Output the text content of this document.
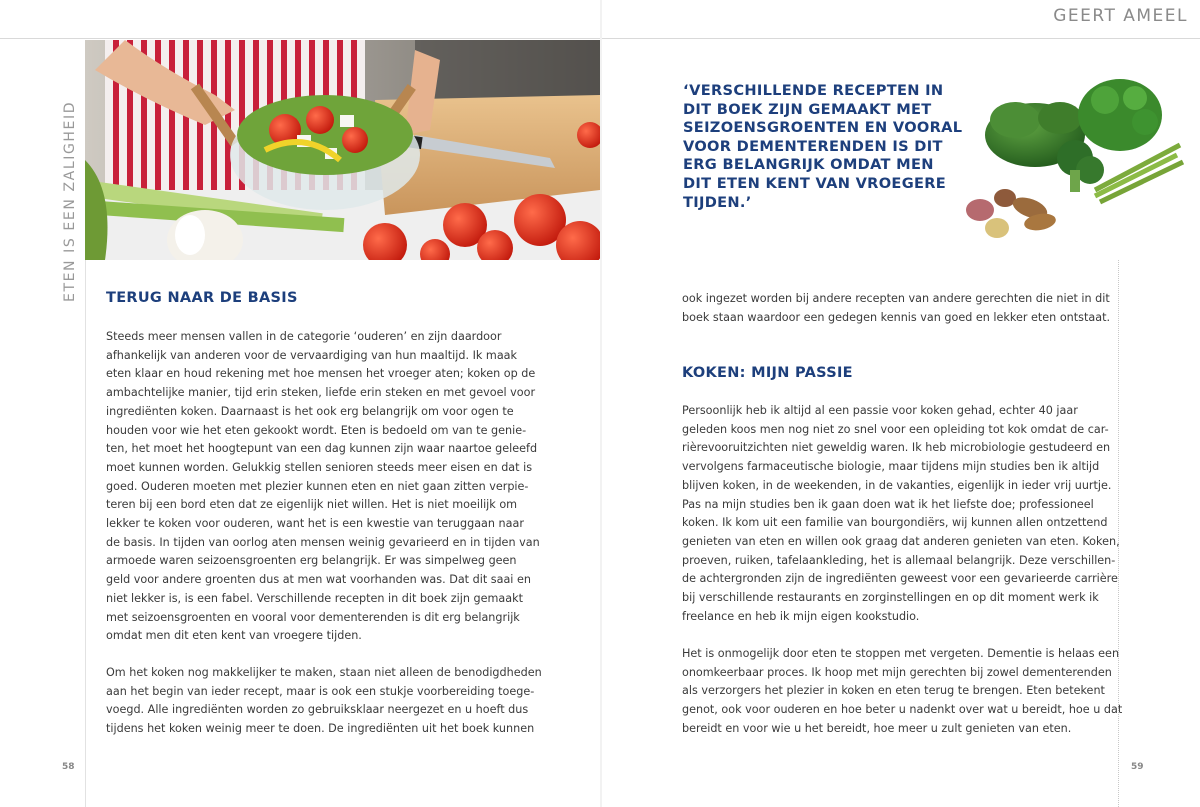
GEERT AMEEL
ETEN IS EEN ZALIGHEID TERUG NAAR DE BASIS
Steeds meer mensen vallen in de categorie ‘ouderen’ en zijn daardoor
afhankelijk van anderen voor de vervaardiging van hun maaltijd. Ik maak
eten klaar en houd rekening met hoe mensen het vroeger aten; koken op de
ambachtelijke manier, tijd erin steken, liefde erin steken en met gevoel voor
ingrediënten koken. Daarnaast is het ook erg belangrijk om voor ogen te
houden voor wie het eten gekookt wordt. Eten is bedoeld om van te genie-
ten, het moet het hoogtepunt van een dag kunnen zijn waar naartoe geleefd
moet kunnen worden. Gelukkig stellen senioren steeds meer eisen en dat is
goed. Ouderen moeten met plezier kunnen eten en niet gaan zitten verpie-
teren bij een bord eten dat ze eigenlijk niet willen. Het is niet moeilijk om
lekker te koken voor ouderen, want het is een kwestie van teruggaan naar
de basis. In tijden van oorlog aten mensen weinig gevarieerd en in tijden van
armoede waren seizoensgroenten erg belangrijk. Er was simpelweg geen
geld voor andere groenten dus at men wat voorhanden was. Dat dit saai en
niet lekker is, is een fabel. Verschillende recepten in dit boek zijn gemaakt
met seizoensgroenten en vooral voor dementerenden is dit erg belangrijk
omdat men dit eten kent van vroegere tijden.
Om het koken nog makkelijker te maken, staan niet alleen de benodigdheden
aan het begin van ieder recept, maar is ook een stukje voorbereiding toege-
voegd. Alle ingrediënten worden zo gebruiksklaar neergezet en u hoeft dus
tijdens het koken weinig meer te doen. De ingrediënten uit het boek kunnen
58
‘VERSCHILLENDE RECEPTEN IN
DIT BOEK ZIJN GEMAAKT MET
SEIZOENSGROENTEN EN VOORAL
VOOR DEMENTERENDEN IS DIT
ERG BELANGRIJK OMDAT MEN
DIT ETEN KENT VAN VROEGERE
TIJDEN.’
ook ingezet worden bij andere recepten van andere gerechten die niet in dit
boek staan waardoor een gedegen kennis van goed en lekker eten ontstaat.
KOKEN: MIJN PASSIE
Persoonlijk heb ik altijd al een passie voor koken gehad, echter 40 jaar
geleden koos men nog niet zo snel voor een opleiding tot kok omdat de car-
rièrevooruitzichten niet geweldig waren. Ik heb microbiologie gestudeerd en
vervolgens farmaceutische biologie, maar tijdens mijn studies ben ik altijd
blijven koken, in de weekenden, in de vakanties, eigenlijk in ieder vrij uurtje.
Pas na mijn studies ben ik gaan doen wat ik het liefste doe; professioneel
koken. Ik kom uit een familie van bourgondiërs, wij kunnen allen ontzettend
genieten van eten en willen ook graag dat anderen genieten van eten. Koken,
proeven, ruiken, tafelaankleding, het is allemaal belangrijk. Deze verschillen-
de achtergronden zijn de ingrediënten geweest voor een gevarieerde carrière
bij verschillende restaurants en zorginstellingen en op dit moment werk ik
freelance en heb ik mijn eigen kookstudio.
Het is onmogelijk door eten te stoppen met vergeten. Dementie is helaas een
onomkeerbaar proces. Ik hoop met mijn gerechten bij zowel dementerenden
als verzorgers het plezier in koken en eten terug te brengen. Eten betekent
genot, ook voor ouderen en hoe beter u nadenkt over wat u bereidt, hoe u dat
bereidt en voor wie u het bereidt, hoe meer u zult genieten van eten.
59
